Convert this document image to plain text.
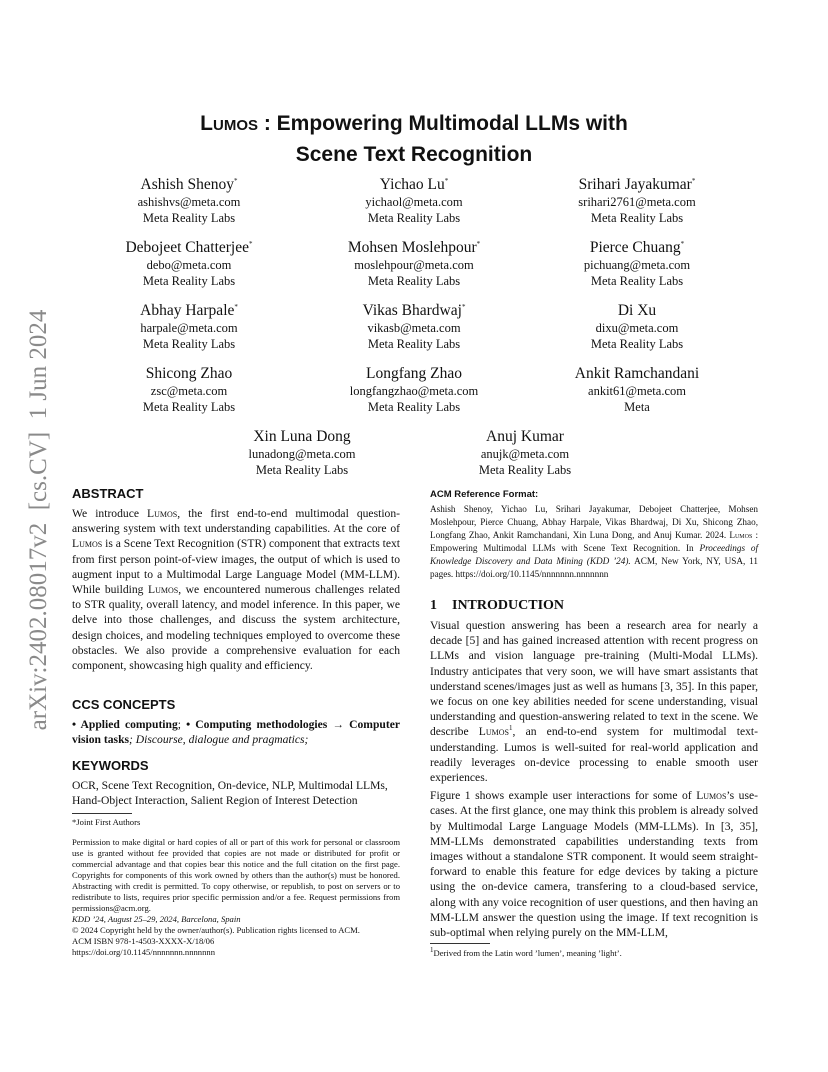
arXiv:2402.08017v2  [cs.CV]  1 Jun 2024
Lumos : Empowering Multimodal LLMs with
Scene Text Recognition
Ashish Shenoy*
ashishvs@meta.com
Meta Reality Labs
Yichao Lu*
yichaol@meta.com
Meta Reality Labs
Srihari Jayakumar*
srihari2761@meta.com
Meta Reality Labs
Debojeet Chatterjee*
debo@meta.com
Meta Reality Labs
Mohsen Moslehpour*
moslehpour@meta.com
Meta Reality Labs
Pierce Chuang*
pichuang@meta.com
Meta Reality Labs
Abhay Harpale*
harpale@meta.com
Meta Reality Labs
Vikas Bhardwaj*
vikasb@meta.com
Meta Reality Labs
Di Xu
dixu@meta.com
Meta Reality Labs
Shicong Zhao
zsc@meta.com
Meta Reality Labs
Longfang Zhao
longfangzhao@meta.com
Meta Reality Labs
Ankit Ramchandani
ankit61@meta.com
Meta
Xin Luna Dong
lunadong@meta.com
Meta Reality Labs
Anuj Kumar
anujk@meta.com
Meta Reality Labs
ABSTRACT

We introduce Lumos, the first end-to-end multimodal question-answering system with text understanding capabilities. At the core of Lumos is a Scene Text Recognition (STR) component that extracts text from first person point-of-view images, the output of which is used to augment input to a Multimodal Large Language Model (MM-LLM). While building Lumos, we encountered numerous challenges related to STR quality, overall latency, and model inference. In this paper, we delve into those challenges, and discuss the system architecture, design choices, and modeling techniques employed to overcome these obstacles. We also provide a comprehensive evaluation for each component, showcasing high quality and efficiency.

CCS CONCEPTS

• Applied computing; • Computing methodologies → Computer vision tasks; Discourse, dialogue and pragmatics;

KEYWORDS

OCR, Scene Text Recognition, On-device, NLP, Multimodal LLMs, Hand-Object Interaction, Salient Region of Interest Detection

*Joint First Authors

Permission to make digital or hard copies of all or part of this work for personal or classroom use is granted without fee provided that copies are not made or distributed for profit or commercial advantage and that copies bear this notice and the full citation on the first page. Copyrights for components of this work owned by others than the author(s) must be honored. Abstracting with credit is permitted. To copy otherwise, or republish, to post on servers or to redistribute to lists, requires prior specific permission and/or a fee. Request permissions from permissions@acm.org.

KDD ’24, August 25–29, 2024, Barcelona, Spain

© 2024 Copyright held by the owner/author(s). Publication rights licensed to ACM.

ACM ISBN 978-1-4503-XXXX-X/18/06

https://doi.org/10.1145/nnnnnnn.nnnnnnn

ACM Reference Format:

Ashish Shenoy, Yichao Lu, Srihari Jayakumar, Debojeet Chatterjee, Mohsen Moslehpour, Pierce Chuang, Abhay Harpale, Vikas Bhardwaj, Di Xu, Shicong Zhao, Longfang Zhao, Ankit Ramchandani, Xin Luna Dong, and Anuj Kumar. 2024. Lumos : Empowering Multimodal LLMs with Scene Text Recognition. In Proceedings of Knowledge Discovery and Data Mining (KDD ’24). ACM, New York, NY, USA, 11 pages. https://doi.org/10.1145/nnnnnnn.nnnnnnn

1 INTRODUCTION

Visual question answering has been a research area for nearly a decade [5] and has gained increased attention with recent progress on LLMs and vision language pre-training (Multi-Modal LLMs). Industry anticipates that very soon, we will have smart assistants that understand scenes/images just as well as humans [3, 35]. In this paper, we focus on one key abilities needed for scene understanding, visual understanding and question-answering related to text in the scene. We describe Lumos$^1$, an end-to-end system for multimodal text-understanding. Lumos is well-suited for real-world application and readily leverages on-device processing to enable smooth user experiences.

Figure 1 shows example user interactions for some of Lumos’s use-cases. At the first glance, one may think this problem is already solved by Multimodal Large Language Models (MM-LLMs). In [3, 35], MM-LLMs demonstrated capabilities understanding texts from images without a standalone STR component. It would seem straight-forward to enable this feature for edge devices by taking a picture using the on-device camera, transfering to a cloud-based service, along with any voice recognition of user questions, and then having an MM-LLM answer the question using the image. If text recognition is sub-optimal when relying purely on the MM-LLM,

$^1$Derived from the Latin word ’lumen’, meaning ’light’.
